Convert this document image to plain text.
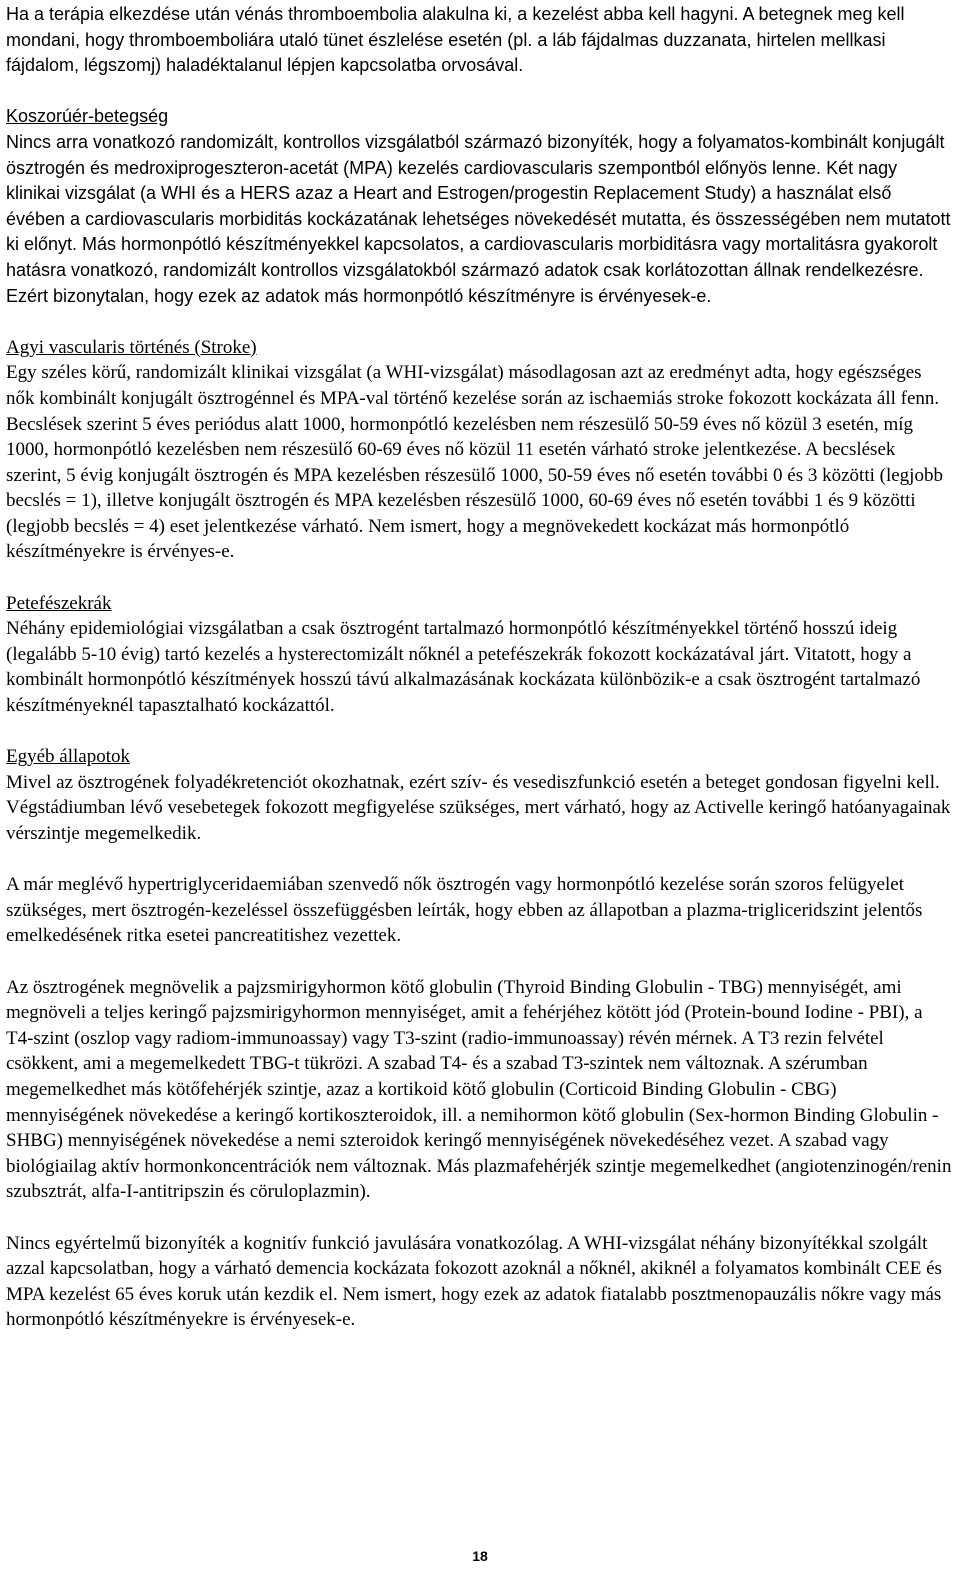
Ha a terápia elkezdése után vénás thromboembolia alakulna ki, a kezelést abba kell hagyni. A betegnek meg kell mondani, hogy thromboemboliára utaló tünet észlelése esetén (pl. a láb fájdalmas duzzanata, hirtelen mellkasi fájdalom, légszomj) haladéktalanul lépjen kapcsolatba orvosával.

Koszorúér-betegség
Nincs arra vonatkozó randomizált, kontrollos vizsgálatból származó bizonyíték, hogy a folyamatos-kombinált konjugált ösztrogén és medroxiprogeszteron-acetát (MPA) kezelés cardiovascularis szempontból előnyös lenne. Két nagy klinikai vizsgálat (a WHI és a HERS azaz a Heart and Estrogen/progestin Replacement Study) a használat első évében a cardiovascularis morbiditás kockázatának lehetséges növekedését mutatta, és összességében nem mutatott ki előnyt. Más hormonpótló készítményekkel kapcsolatos, a cardiovascularis morbiditásra vagy mortalitásra gyakorolt hatásra vonatkozó, randomizált kontrollos vizsgálatokból származó adatok csak korlátozottan állnak rendelkezésre. Ezért bizonytalan, hogy ezek az adatok más hormonpótló készítményre is érvényesek-e.
Agyi vascularis történés (Stroke)
Egy széles körű, randomizált klinikai vizsgálat (a WHI-vizsgálat) másodlagosan azt az eredményt adta, hogy egészséges nők kombinált konjugált ösztrogénnel és MPA-val történő kezelése során az ischaemiás stroke fokozott kockázata áll fenn. Becslések szerint 5 éves periódus alatt 1000, hormonpótló kezelésben nem részesülő 50-59 éves nő közül 3 esetén, míg 1000, hormonpótló kezelésben nem részesülő 60-69 éves nő közül 11 esetén várható stroke jelentkezése. A becslések szerint, 5 évig konjugált ösztrogén és MPA kezelésben részesülő 1000, 50-59 éves nő esetén további 0 és 3 közötti (legjobb becslés = 1), illetve konjugált ösztrogén és MPA kezelésben részesülő 1000, 60-69 éves nő esetén további 1 és 9 közötti (legjobb becslés = 4) eset jelentkezése várható. Nem ismert, hogy a megnövekedett kockázat más hormonpótló készítményekre is érvényes-e.
Petefészekrák
Néhány epidemiológiai vizsgálatban a csak ösztrogént tartalmazó hormonpótló készítményekkel történő hosszú ideig (legalább 5-10 évig) tartó kezelés a hysterectomizált nőknél a petefészekrák fokozott kockázatával járt. Vitatott, hogy a kombinált hormonpótló készítmények hosszú távú alkalmazásának kockázata különbözik-e a csak ösztrogént tartalmazó készítményeknél tapasztalható kockázattól.
Egyéb állapotok
Mivel az ösztrogének folyadékretenciót okozhatnak, ezért szív- és vesediszfunkció esetén a beteget gondosan figyelni kell. Végstádiumban lévő vesebetegek fokozott megfigyelése szükséges, mert várható, hogy az Activelle keringő hatóanyagainak vérszintje megemelkedik.

A már meglévő hypertriglyceridaemiában szenvedő nők ösztrogén vagy hormonpótló kezelése során szoros felügyelet szükséges, mert ösztrogén-kezeléssel összefüggésben leírták, hogy ebben az állapotban a plazma-trigliceridszint jelentős emelkedésének ritka esetei pancreatitishez vezettek.

Az ösztrogének megnövelik a pajzsmirigyhormon kötő globulin (Thyroid Binding Globulin - TBG) mennyiségét, ami megnöveli a teljes keringő pajzsmirigyhormon mennyiséget, amit a fehérjéhez kötött jód (Protein-bound Iodine - PBI), a T4-szint (oszlop vagy radiom-immunoassay) vagy T3-szint (radio-immunoassay) révén mérnek. A T3 rezin felvétel csökkent, ami a megemelkedett TBG-t tükrözi. A szabad T4- és a szabad T3-szintek nem változnak. A szérumban megemelkedhet más kötőfehérjék szintje, azaz a kortikoid kötő globulin (Corticoid Binding Globulin - CBG) mennyiségének növekedése a keringő kortikoszteroidok, ill. a nemihormon kötő globulin (Sex-hormon Binding Globulin - SHBG) mennyiségének növekedése a nemi szteroidok keringő mennyiségének növekedéséhez vezet. A szabad vagy biológiailag aktív hormonkoncentrációk nem változnak. Más plazmafehérjék szintje megemelkedhet (angiotenzinogén/renin szubsztrát, alfa-I-antitripszin és cöruloplazmin).

Nincs egyértelmű bizonyíték a kognitív funkció javulására vonatkozólag. A WHI-vizsgálat néhány bizonyítékkal szolgált azzal kapcsolatban, hogy a várható demencia kockázata fokozott azoknál a nőknél, akiknél a folyamatos kombinált CEE és MPA kezelést 65 éves koruk után kezdik el. Nem ismert, hogy ezek az adatok fiatalabb posztmenopauzális nőkre vagy más hormonpótló készítményekre is érvényesek-e.

18
